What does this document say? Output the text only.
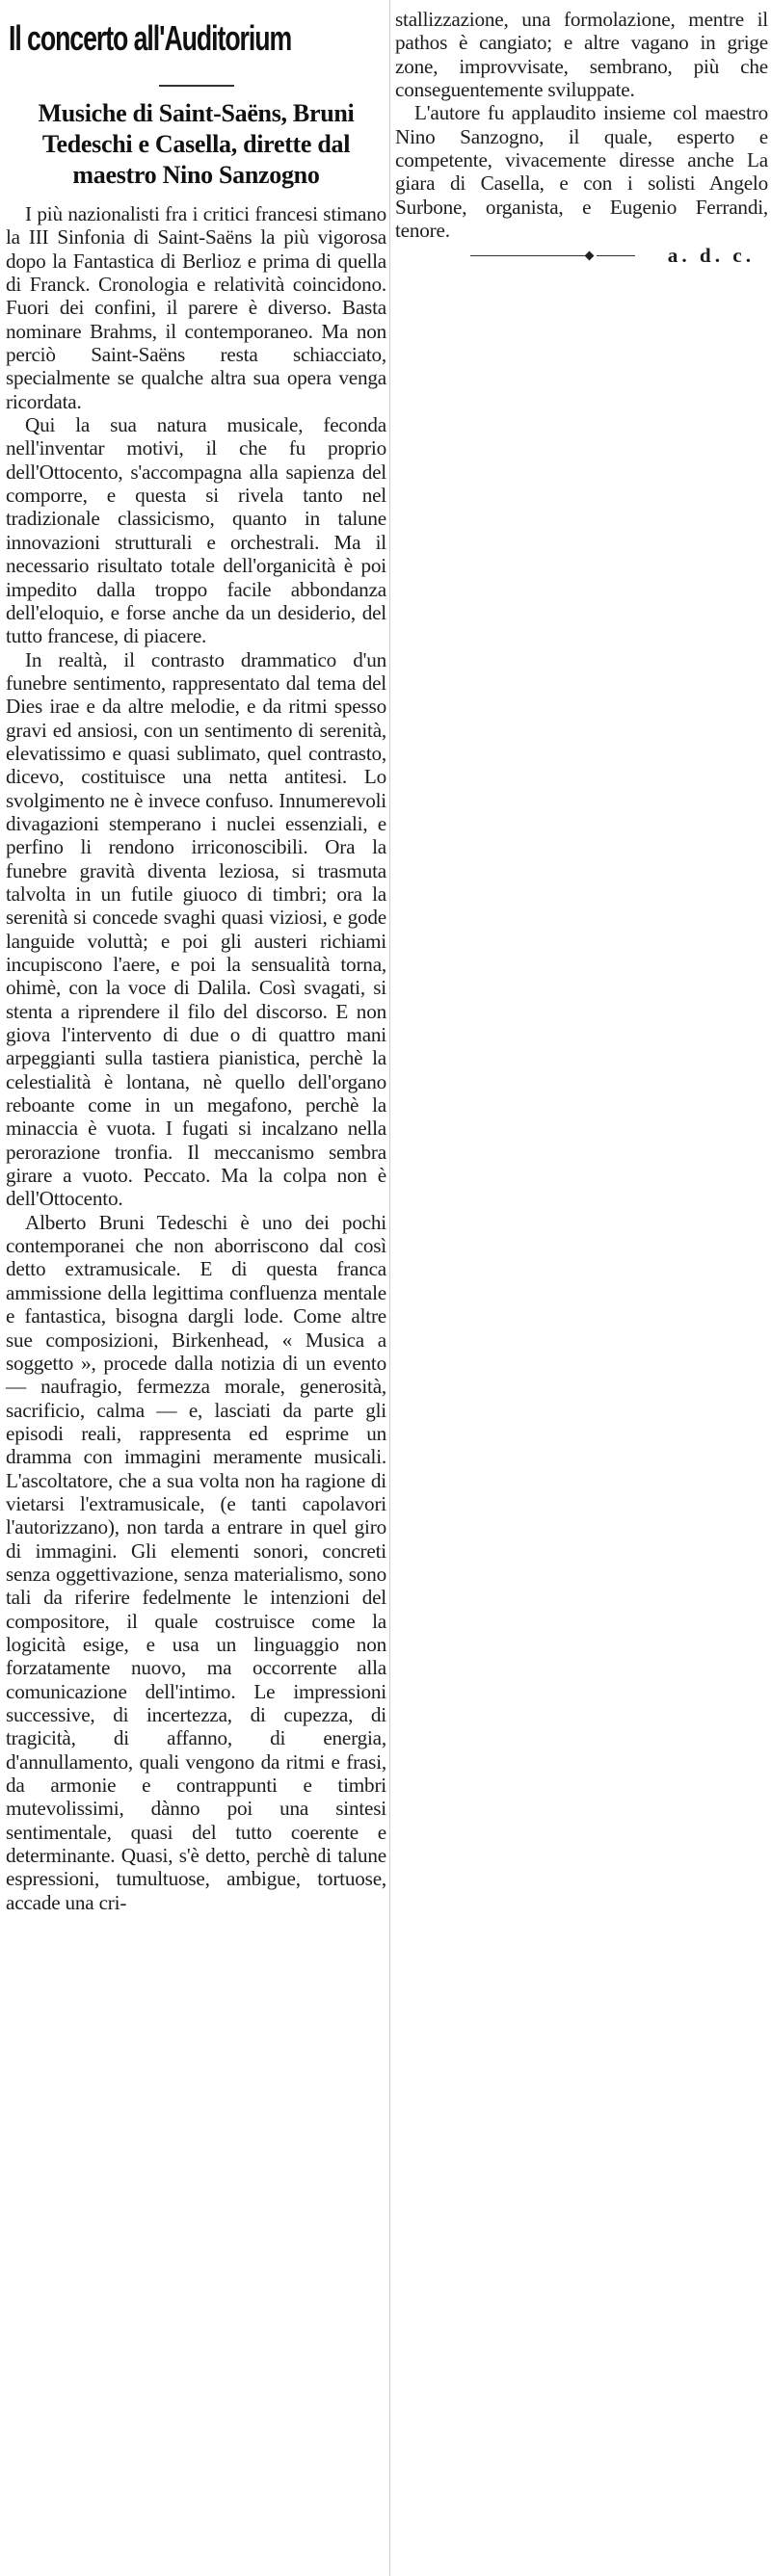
Il concerto all'Auditorium
Musiche di Saint-Saëns, Bruni Tedeschi e Casella, dirette dal maestro Nino Sanzogno

I più nazionalisti fra i critici francesi stimano la III Sinfonia di Saint-Saëns la più vigorosa dopo la Fantastica di Berlioz e prima di quella di Franck. Cronologia e relatività coincidono. Fuori dei confini, il parere è diverso. Basta nominare Brahms, il contemporaneo. Ma non perciò Saint-Saëns resta schiacciato, specialmente se qualche altra sua opera venga ricordata.

Qui la sua natura musicale, feconda nell'inventar motivi, il che fu proprio dell'Ottocento, s'accompagna alla sapienza del comporre, e questa si rivela tanto nel tradizionale classicismo, quanto in talune innovazioni strutturali e orchestrali. Ma il necessario risultato totale dell'organicità è poi impedito dalla troppo facile abbondanza dell'eloquio, e forse anche da un desiderio, del tutto francese, di piacere.

In realtà, il contrasto drammatico d'un funebre sentimento, rappresentato dal tema del Dies irae e da altre melodie, e da ritmi spesso gravi ed ansiosi, con un sentimento di serenità, elevatissimo e quasi sublimato, quel contrasto, dicevo, costituisce una netta antitesi. Lo svolgimento ne è invece confuso. Innumerevoli divagazioni stemperano i nuclei essenziali, e perfino li rendono irriconoscibili. Ora la funebre gravità diventa leziosa, si trasmuta talvolta in un futile giuoco di timbri; ora la serenità si concede svaghi quasi viziosi, e gode languide voluttà; e poi gli austeri richiami incupiscono l'aere, e poi la sensualità torna, ohimè, con la voce di Dalila. Così svagati, si stenta a riprendere il filo del discorso. E non giova l'intervento di due o di quattro mani arpeggianti sulla tastiera pianistica, perchè la celestialità è lontana, nè quello dell'organo reboante come in un megafono, perchè la minaccia è vuota. I fugati si incalzano nella perorazione tronfia. Il meccanismo sembra girare a vuoto. Peccato. Ma la colpa non è dell'Ottocento.

Alberto Bruni Tedeschi è uno dei pochi contemporanei che non aborriscono dal così detto extramusicale. E di questa franca ammissione della legittima confluenza mentale e fantastica, bisogna dargli lode. Come altre sue composizioni, Birkenhead, « Musica a soggetto », procede dalla notizia di un evento — naufragio, fermezza morale, generosità, sacrificio, calma — e, lasciati da parte gli episodi reali, rappresenta ed esprime un dramma con immagini meramente musicali. L'ascoltatore, che a sua volta non ha ragione di vietarsi l'extramusicale, (e tanti capolavori l'autorizzano), non tarda a entrare in quel giro di immagini. Gli elementi sonori, concreti senza oggettivazione, senza materialismo, sono tali da riferire fedelmente le intenzioni del compositore, il quale costruisce come la logicità esige, e usa un linguaggio non forzatamente nuovo, ma occorrente alla comunicazione dell'intimo. Le impressioni successive, di incertezza, di cupezza, di tragicità, di affanno, di energia, d'annullamento, quali vengono da ritmi e frasi, da armonie e contrappunti e timbri mutevolissimi, dànno poi una sintesi sentimentale, quasi del tutto coerente e determinante. Quasi, s'è detto, perchè di talune espressioni, tumultuose, ambigue, tortuose, accade una cri-

stallizzazione, una formolazione, mentre il pathos è cangiato; e altre vagano in grige zone, improvvisate, sembrano, più che conseguentemente sviluppate.

L'autore fu applaudito insieme col maestro Nino Sanzogno, il quale, esperto e competente, vivacemente diresse anche La giara di Casella, e con i solisti Angelo Surbone, organista, e Eugenio Ferrandi, tenore.

a. d. c.
